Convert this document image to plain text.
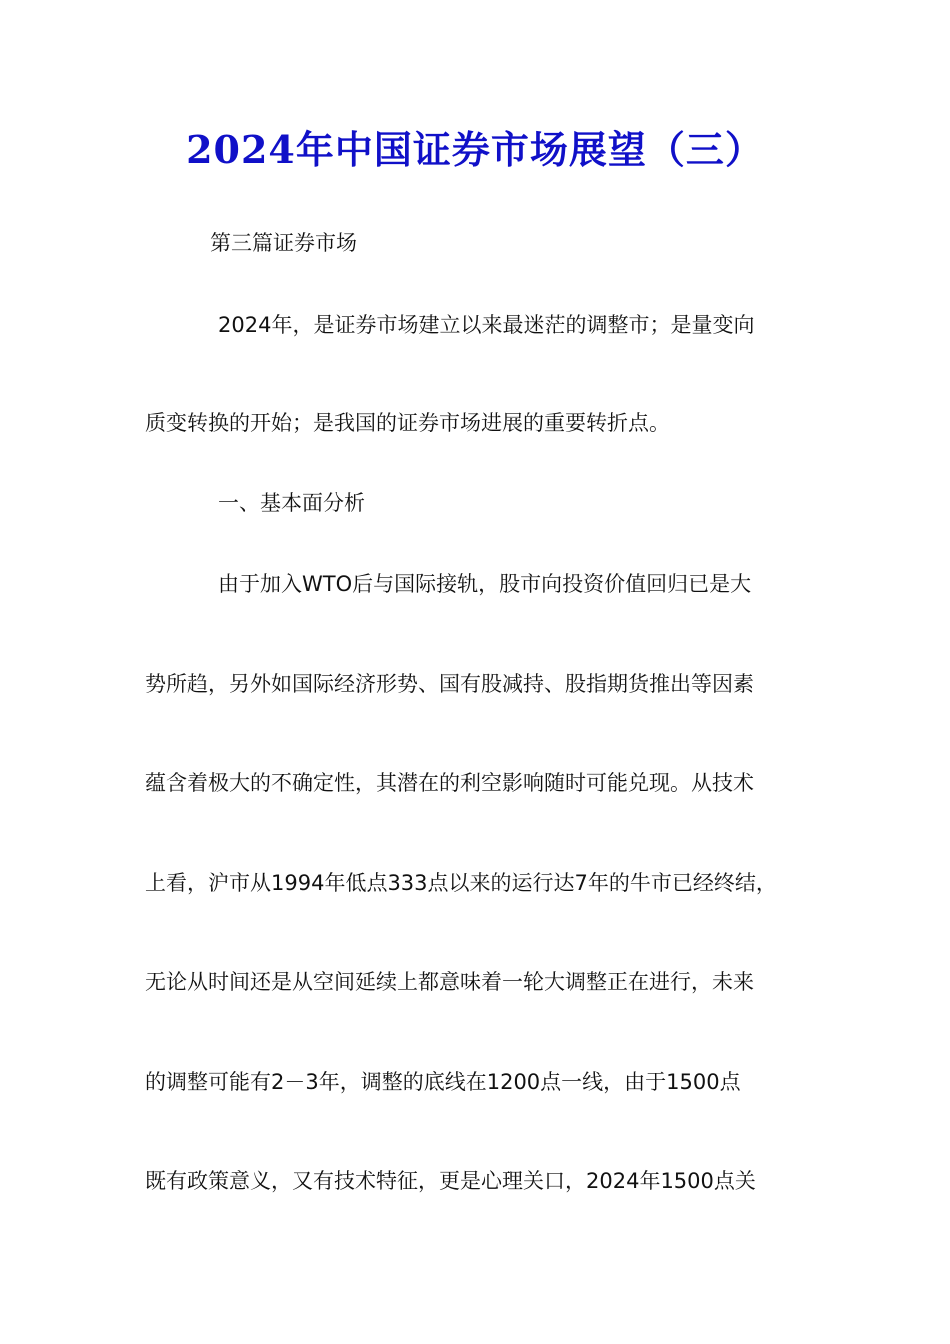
2024年中国证券市场展望（三）

第三篇证券市场

2024年，是证券市场建立以来最迷茫的调整市；是量变向

质变转换的开始；是我国的证券市场进展的重要转折点。

一、基本面分析

由于加入WTO后与国际接轨，股市向投资价值回归已是大

势所趋，另外如国际经济形势、国有股减持、股指期货推出等因素

蕴含着极大的不确定性，其潜在的利空影响随时可能兑现。从技术

上看，沪市从1994年低点333点以来的运行达7年的牛市已经终结，

无论从时间还是从空间延续上都意味着一轮大调整正在进行，未来

的调整可能有2－3年，调整的底线在1200点一线，由于1500点

既有政策意义，又有技术特征，更是心理关口，2024年1500点关
